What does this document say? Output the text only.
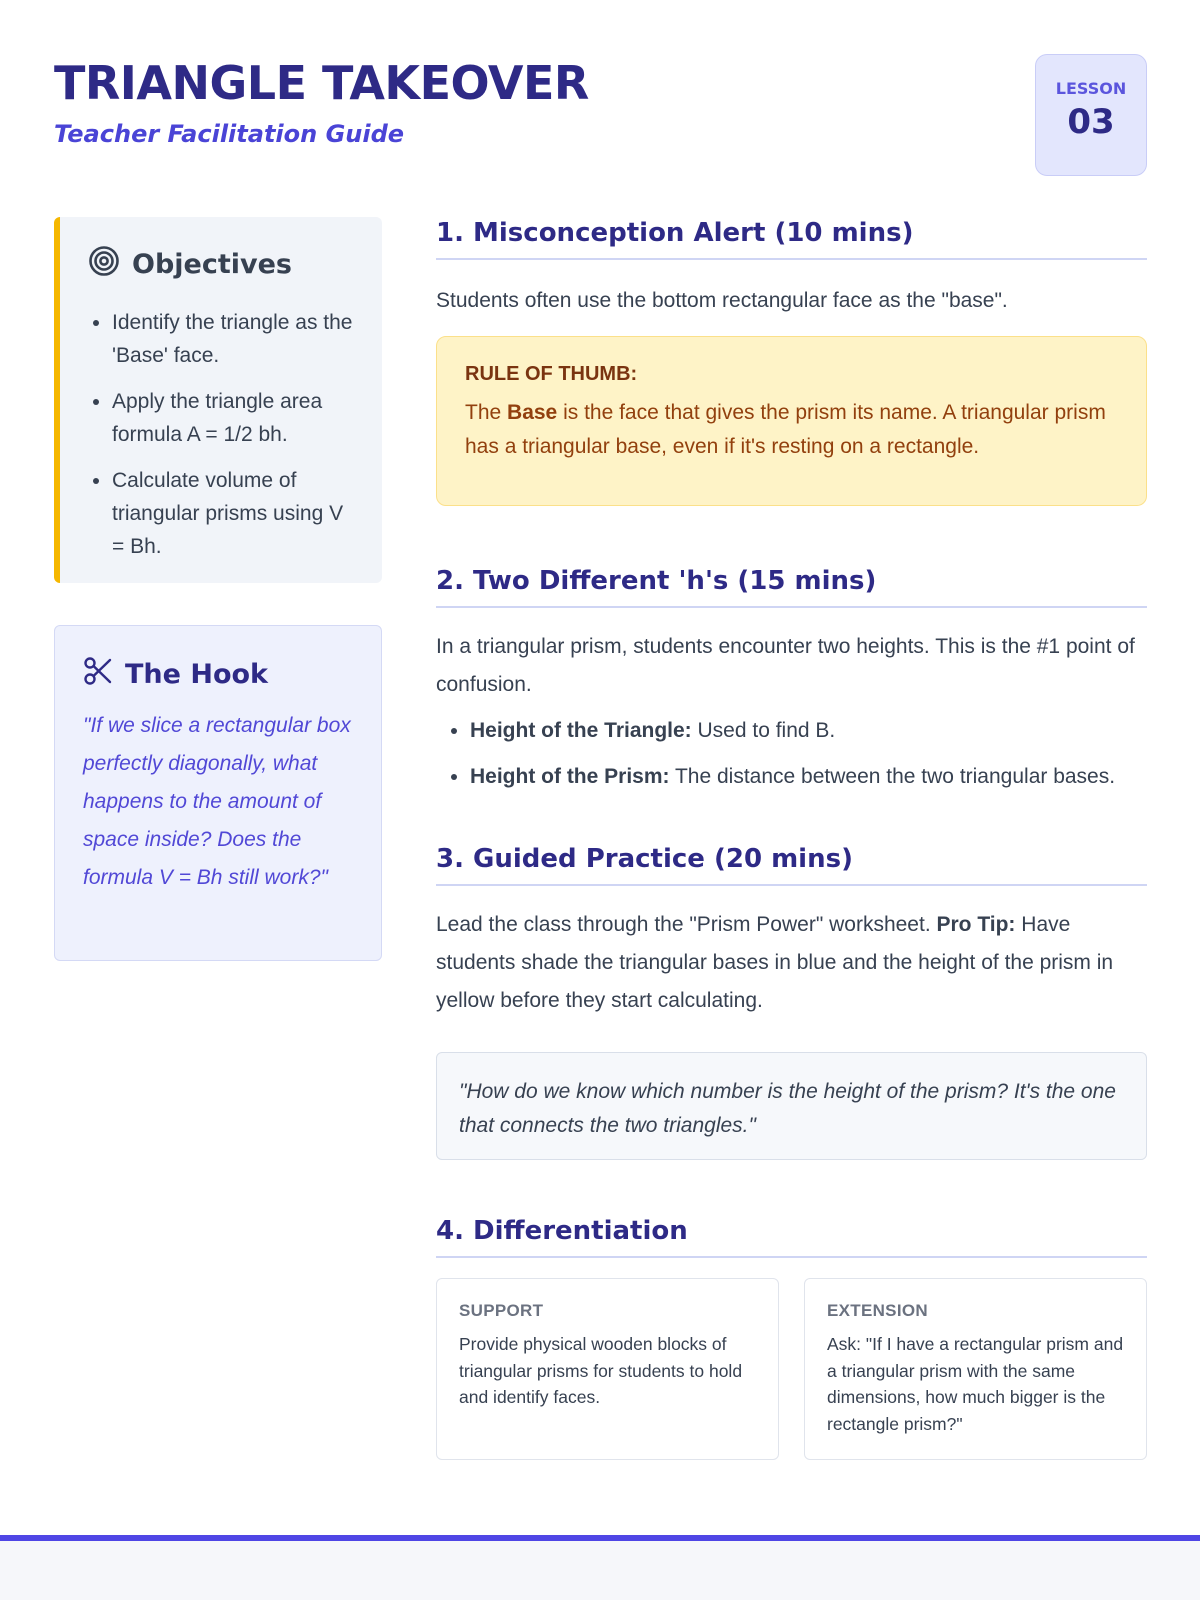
TRIANGLE TAKEOVER
Teacher Facilitation Guide
LESSON
03
Objectives
• Identify the triangle as the 'Base' face.
• Apply the triangle area formula A = 1/2 bh.
• Calculate volume of triangular prisms using V = Bh.
The Hook

"If we slice a rectangular box perfectly diagonally, what happens to the amount of space inside? Does the formula V = Bh still work?"

1. Misconception Alert (10 mins)

Students often use the bottom rectangular face as the "base".

RULE OF THUMB:

The Base is the face that gives the prism its name. A triangular prism has a triangular base, even if it's resting on a rectangle.

2. Two Different 'h's (15 mins)

In a triangular prism, students encounter two heights. This is the #1 point of confusion.

• Height of the Triangle: Used to find B.
• Height of the Prism: The distance between the two triangular bases.
3. Guided Practice (20 mins)

Lead the class through the "Prism Power" worksheet. Pro Tip: Have students shade the triangular bases in blue and the height of the prism in yellow before they start calculating.

"How do we know which number is the height of the prism? It's the one that connects the two triangles."
4. Differentiation
SUPPORT

Provide physical wooden blocks of triangular prisms for students to hold and identify faces.

EXTENSION

Ask: "If I have a rectangular prism and a triangular prism with the same dimensions, how much bigger is the rectangle prism?"
